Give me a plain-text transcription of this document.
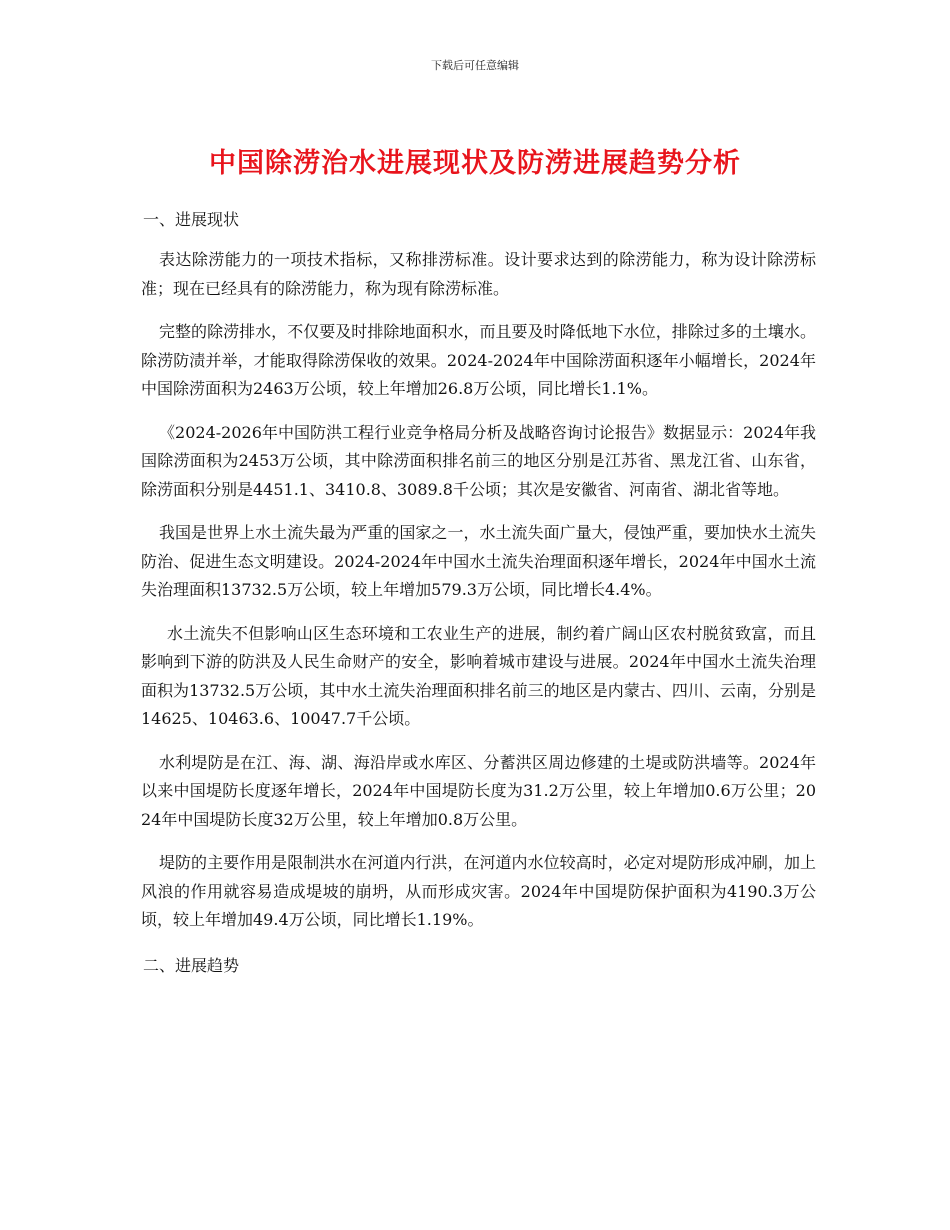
下载后可任意编辑
中国除涝治水进展现状及防涝进展趋势分析
一、进展现状

表达除涝能力的一项技术指标，又称排涝标准。设计要求达到的除涝能力，称为设计除涝标准；现在已经具有的除涝能力，称为现有除涝标准。

完整的除涝排水，不仅要及时排除地面积水，而且要及时降低地下水位，排除过多的土壤水。除涝防渍并举，才能取得除涝保收的效果。2024-2024年中国除涝面积逐年小幅增长，2024年中国除涝面积为2463万公顷，较上年增加26.8万公顷，同比增长1.1%。

《2024-2026年中国防洪工程行业竞争格局分析及战略咨询讨论报告》数据显示：2024年我国除涝面积为2453万公顷，其中除涝面积排名前三的地区分别是江苏省、黑龙江省、山东省，除涝面积分别是4451.1、3410.8、3089.8千公顷；其次是安徽省、河南省、湖北省等地。

我国是世界上水土流失最为严重的国家之一，水土流失面广量大，侵蚀严重，要加快水土流失防治、促进生态文明建设。2024-2024年中国水土流失治理面积逐年增长，2024年中国水土流失治理面积13732.5万公顷，较上年增加579.3万公顷，同比增长4.4%。

水土流失不但影响山区生态环境和工农业生产的进展，制约着广阔山区农村脱贫致富，而且影响到下游的防洪及人民生命财产的安全，影响着城市建设与进展。2024年中国水土流失治理面积为13732.5万公顷，其中水土流失治理面积排名前三的地区是内蒙古、四川、云南，分别是14625、10463.6、10047.7千公顷。

水利堤防是在江、海、湖、海沿岸或水库区、分蓄洪区周边修建的土堤或防洪墙等。2024年以来中国堤防长度逐年增长，2024年中国堤防长度为31.2万公里，较上年增加0.6万公里；2024年中国堤防长度32万公里，较上年增加0.8万公里。

堤防的主要作用是限制洪水在河道内行洪，在河道内水位较高时，必定对堤防形成冲刷，加上风浪的作用就容易造成堤坡的崩坍，从而形成灾害。2024年中国堤防保护面积为4190.3万公顷，较上年增加49.4万公顷，同比增长1.19%。

二、进展趋势
